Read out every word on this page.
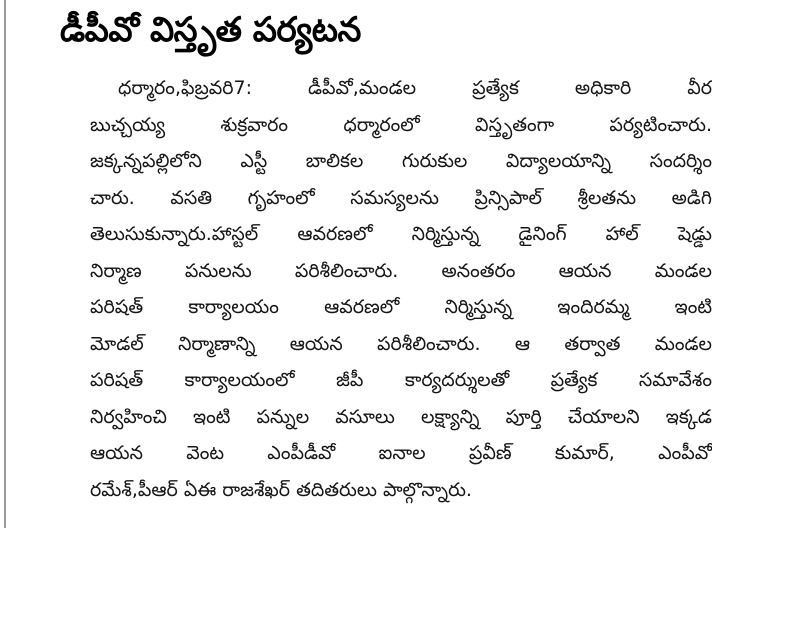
డీపీవో విస్తృత పర్యటన
ధర్మారం,ఫిబ్రవరి7: డీపీవో,మండల ప్రత్యేక అధికారి వీర
బుచ్చయ్య శుక్రవారం ధర్మారంలో విస్తృతంగా పర్యటించారు.
జక్కన్నపల్లిలోని ఎస్టీ బాలికల గురుకుల విద్యాలయాన్ని సందర్శిం
చారు. వసతి గృహంలో సమస్యలను ప్రిన్సిపాల్ శ్రీలతను అడిగి
తెలుసుకున్నారు.హాస్టల్ ఆవరణలో నిర్మిస్తున్న డైనింగ్ హాల్ షెడ్డు
నిర్మాణ పనులను పరిశీలించారు. అనంతరం ఆయన మండల
పరిషత్ కార్యాలయం ఆవరణలో నిర్మిస్తున్న ఇందిరమ్మ ఇంటి
మోడల్ నిర్మాణాన్ని ఆయన పరిశీలించారు. ఆ తర్వాత మండల
పరిషత్ కార్యాలయంలో జీపీ కార్యదర్శులతో ప్రత్యేక సమావేశం
నిర్వహించి ఇంటి పన్నుల వసూలు లక్ష్యాన్ని పూర్తి చేయాలని ఇక్కడ
ఆయన వెంట ఎంపీడీవో ఐనాల ప్రవీణ్ కుమార్, ఎంపీవో
రమేశ్,పీఆర్ ఏఈ రాజశేఖర్ తదితరులు పాల్గొన్నారు.
